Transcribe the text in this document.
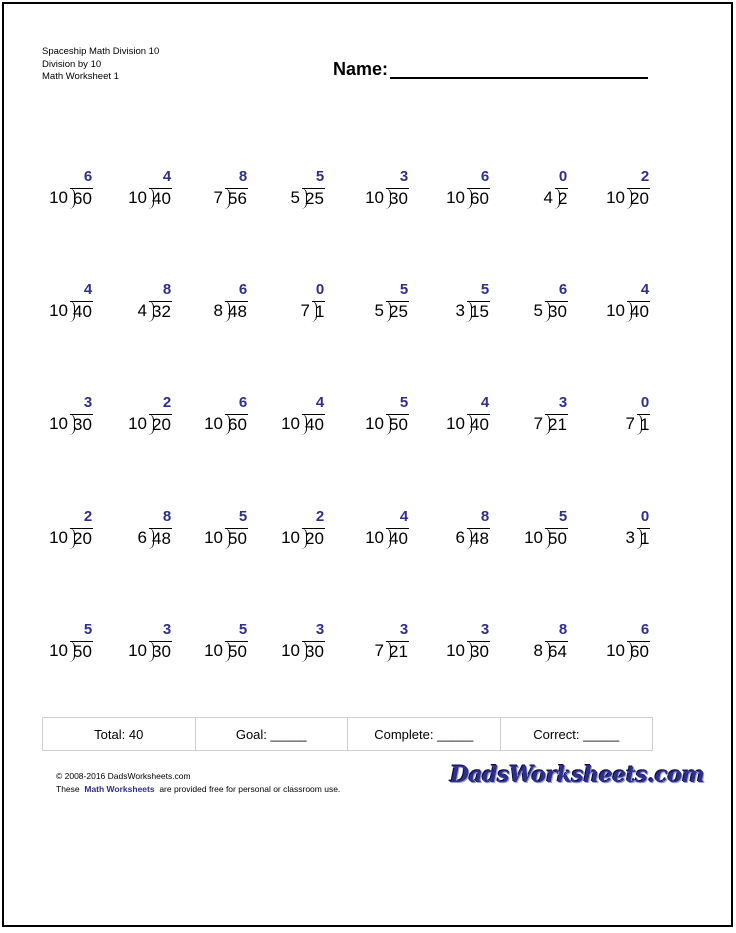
Spaceship Math Division 10
Division by 10
Math Worksheet 1	Name:
6
10 60
4
10 40
8
7 56
5
5 25
3
10 30
6
10 60
0
4 2
2
10 20
4
10 40
8
4 32
6
8 48
0
7 1
5
5 25
5
3 15
6
5 30
4
10 40
3
10 30
2
10 20
6
10 60
4
10 40
5
10 50
4
10 40
3
7 21
0
7 1
2
10 20
8
6 48
5
10 50
2
10 20
4
10 40
8
6 48
5
10 50
0
3 1
5
10 50
3
10 30
5
10 50
3
10 30
3
7 21
3
10 30
8
8 64
6
10 60
Total: 40	Goal: _____	Complete: _____	Correct: _____
© 2008-2016 DadsWorksheets.com
These Math Worksheets are provided free for personal or classroom use.
DadsWorksheets.com
